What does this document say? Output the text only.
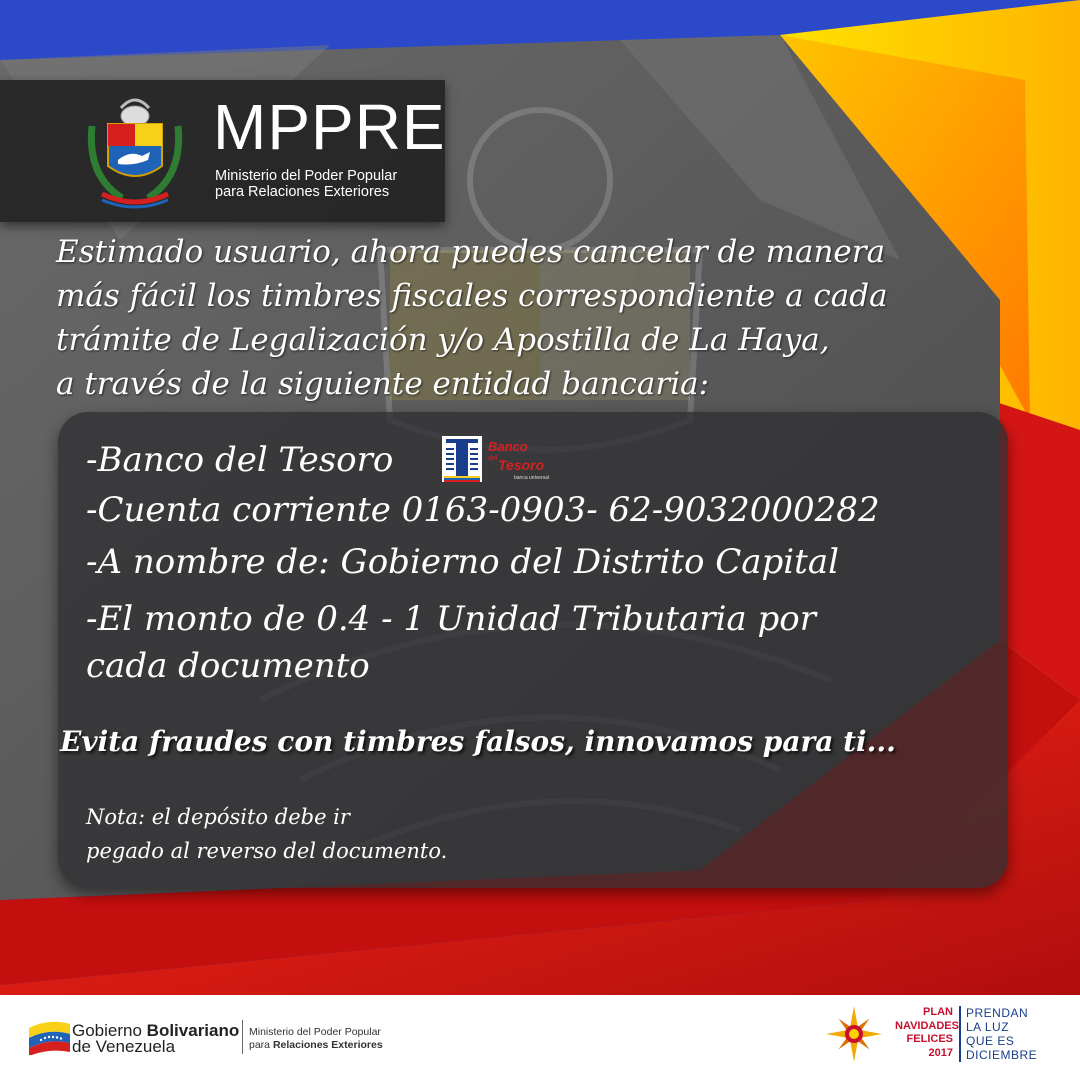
MPPRE
Ministerio del Poder Popular
para Relaciones Exteriores
Estimado usuario, ahora puedes cancelar de manera
más fácil los timbres fiscales correspondiente a cada
trámite de Legalización y/o Apostilla de La Haya,
a través de la siguiente entidad bancaria:
-Banco del Tesoro	Banco
del Tesoro
banca universal
-Cuenta corriente 0163-0903- 62-9032000282
-A nombre de: Gobierno del Distrito Capital
-El monto de 0.4 - 1 Unidad Tributaria por
cada documento
Evita fraudes con timbres falsos, innovamos para ti...
Nota: el depósito debe ir
pegado al reverso del documento.
Gobierno Bolivariano
de Venezuela
Ministerio del Poder Popular
para Relaciones Exteriores
PLAN
NAVIDADES
FELICES
2017
PRENDAN
LA LUZ
QUE ES
DICIEMBRE
